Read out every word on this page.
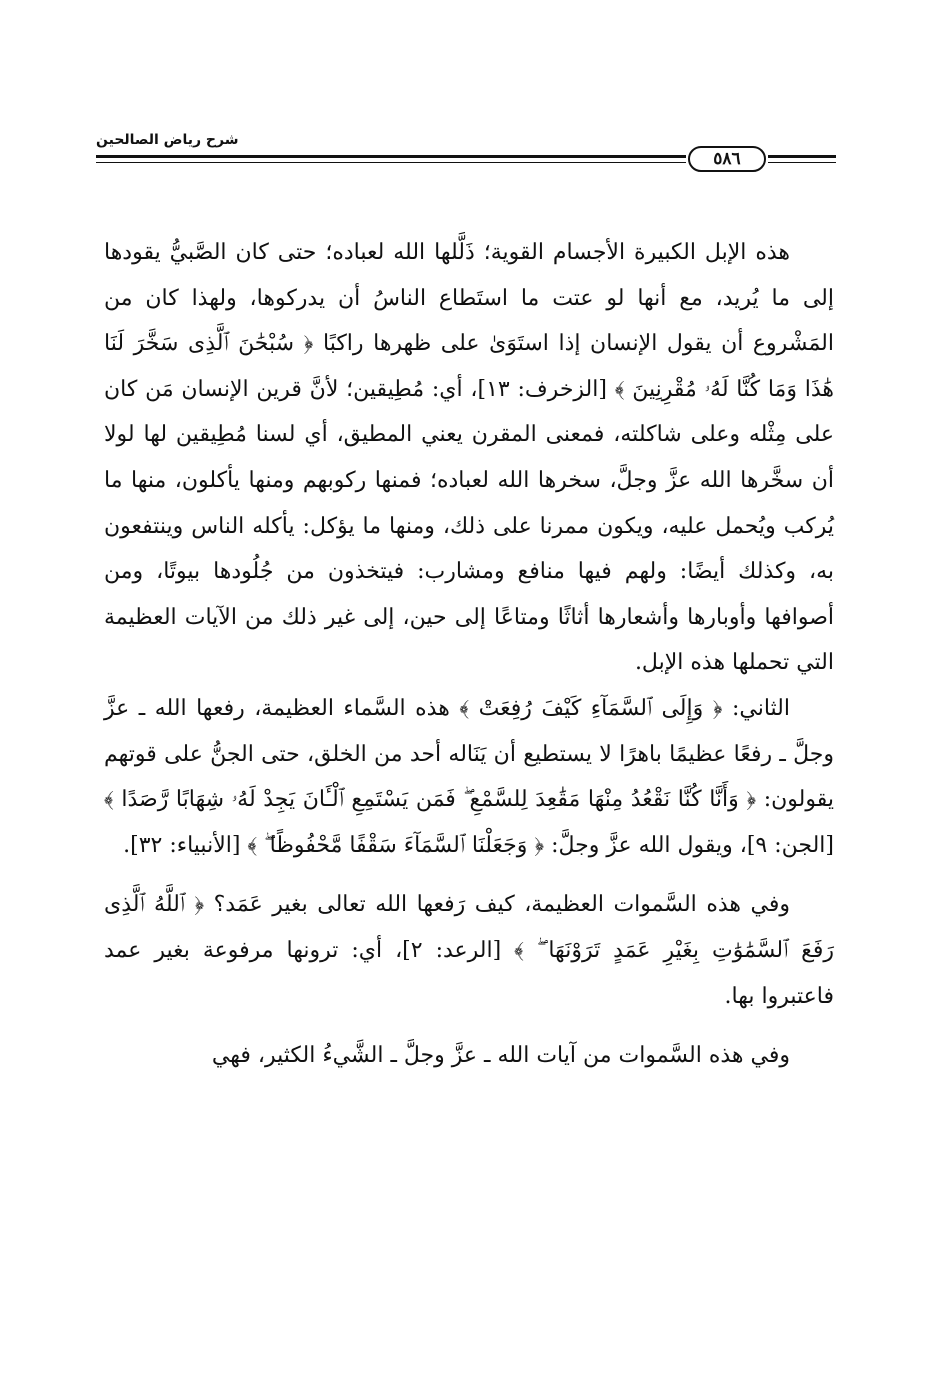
شرح رياض الصالحين
٥٨٦

هذه الإبل الكبيرة الأجسام القوية؛ ذَلَّلها الله لعباده؛ حتى كان الصَّبيُّ يقودها إلى ما يُريد، مع أنها لو عتت ما استَطاع الناسُ أن يدركوها، ولهذا كان من المَشْروع أن يقول الإنسان إذا استَوَىٰ على ظهرها راكبًا ﴿ سُبْحَٰنَ ٱلَّذِى سَخَّرَ لَنَا هَٰذَا وَمَا كُنَّا لَهُۥ مُقْرِنِينَ ﴾ [الزخرف: ١٣]، أي: مُطِيقين؛ لأنَّ قرين الإنسان مَن كان على مِثْله وعلى شاكلته، فمعنى المقرن يعني المطيق، أي لسنا مُطِيقين لها لولا أن سخَّرها الله عزَّ وجلَّ، سخرها الله لعباده؛ فمنها ركوبهم ومنها يأكلون، منها ما يُركب ويُحمل عليه، ويكون ممرنا على ذلك، ومنها ما يؤكل: يأكله الناس وينتفعون به، وكذلك أيضًا: ولهم فيها منافع ومشارب: فيتخذون من جُلُودها بيوتًا، ومن أصوافها وأوبارها وأشعارها أثاثًا ومتاعًا إلى حين، إلى غير ذلك من الآيات العظيمة التي تحملها هذه الإبل.

الثاني: ﴿ وَإِلَى ٱلسَّمَآءِ كَيْفَ رُفِعَتْ ﴾ هذه السَّماء العظيمة، رفعها الله ـ عزَّ وجلَّ ـ رفعًا عظيمًا باهرًا لا يستطيع أن يَنَاله أحد من الخلق، حتى الجنُّ على قوتهم يقولون: ﴿ وَأَنَّا كُنَّا نَقْعُدُ مِنْهَا مَقَٰعِدَ لِلسَّمْعِ ۖ فَمَن يَسْتَمِعِ ٱلْـَٔانَ يَجِدْ لَهُۥ شِهَابًا رَّصَدًا ﴾ [الجن: ٩]، ويقول الله عزَّ وجلَّ: ﴿ وَجَعَلْنَا ٱلسَّمَآءَ سَقْفًا مَّحْفُوظًا ۖ ﴾ [الأنبياء: ٣٢].

وفي هذه السَّموات العظيمة، كيف رَفعها الله تعالى بغير عَمَد؟ ﴿ ٱللَّهُ ٱلَّذِى رَفَعَ ٱلسَّمَٰوَٰتِ بِغَيْرِ عَمَدٍ تَرَوْنَهَا ۖ ﴾ [الرعد: ٢]، أي: ترونها مرفوعة بغير عمد فاعتبروا بها.

وفي هذه السَّموات من آيات الله ـ عزَّ وجلَّ ـ الشَّيءُ الكثير، فهي
